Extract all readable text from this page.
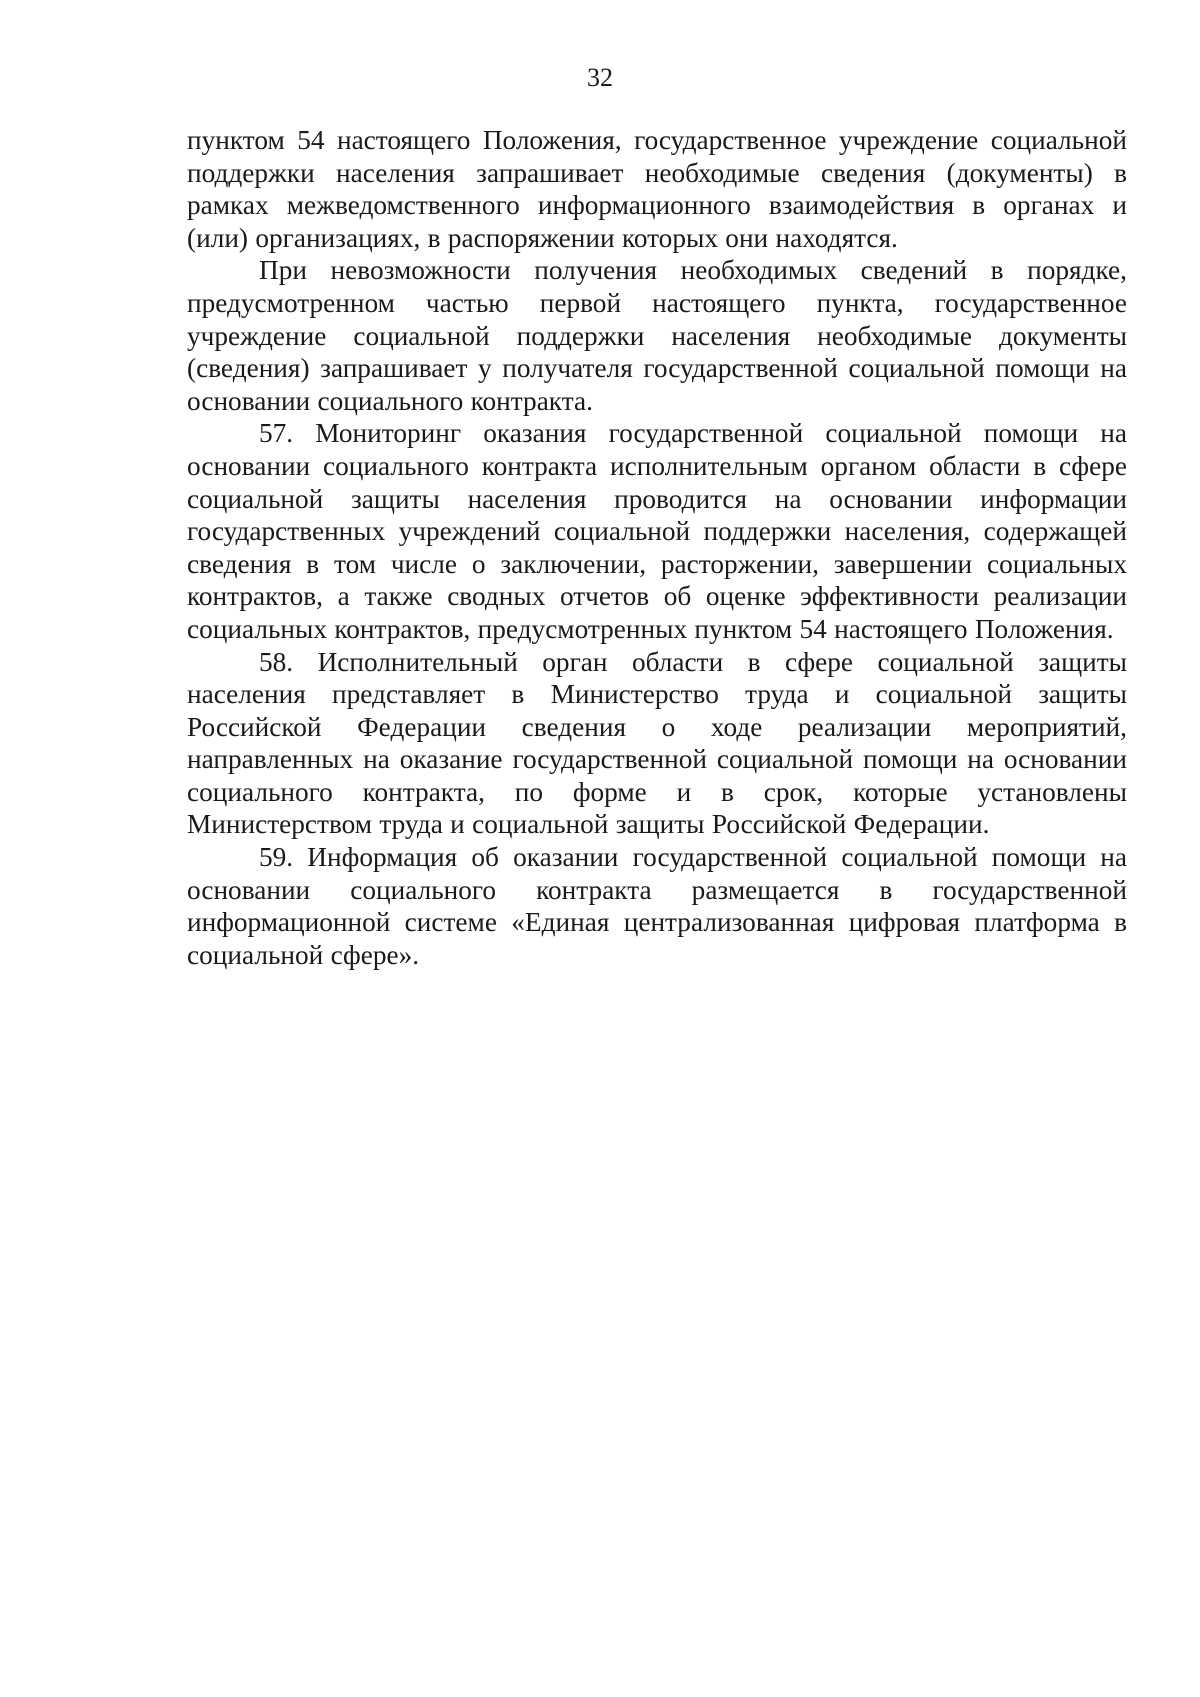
32

пунктом 54 настоящего Положения, государственное учреждение социальной поддержки населения запрашивает необходимые сведения (документы) в рамках межведомственного информационного взаимодействия в органах и (или) организациях, в распоряжении которых они находятся.

При невозможности получения необходимых сведений в порядке, предусмотренном частью первой настоящего пункта, государственное учреждение социальной поддержки населения необходимые документы (сведения) запрашивает у получателя государственной социальной помощи на основании социального контракта.

57. Мониторинг оказания государственной социальной помощи на основании социального контракта исполнительным органом области в сфере социальной защиты населения проводится на основании информации государственных учреждений социальной поддержки населения, содержащей сведения в том числе о заключении, расторжении, завершении социальных контрактов, а также сводных отчетов об оценке эффективности реализации социальных контрактов, предусмотренных пунктом 54 настоящего Положения.

58. Исполнительный орган области в сфере социальной защиты населения представляет в Министерство труда и социальной защиты Российской Федерации сведения о ходе реализации мероприятий, направленных на оказание государственной социальной помощи на основании социального контракта, по форме и в срок, которые установлены Министерством труда и социальной защиты Российской Федерации.

59. Информация об оказании государственной социальной помощи на основании социального контракта размещается в государственной информационной системе «Единая централизованная цифровая платформа в социальной сфере».
